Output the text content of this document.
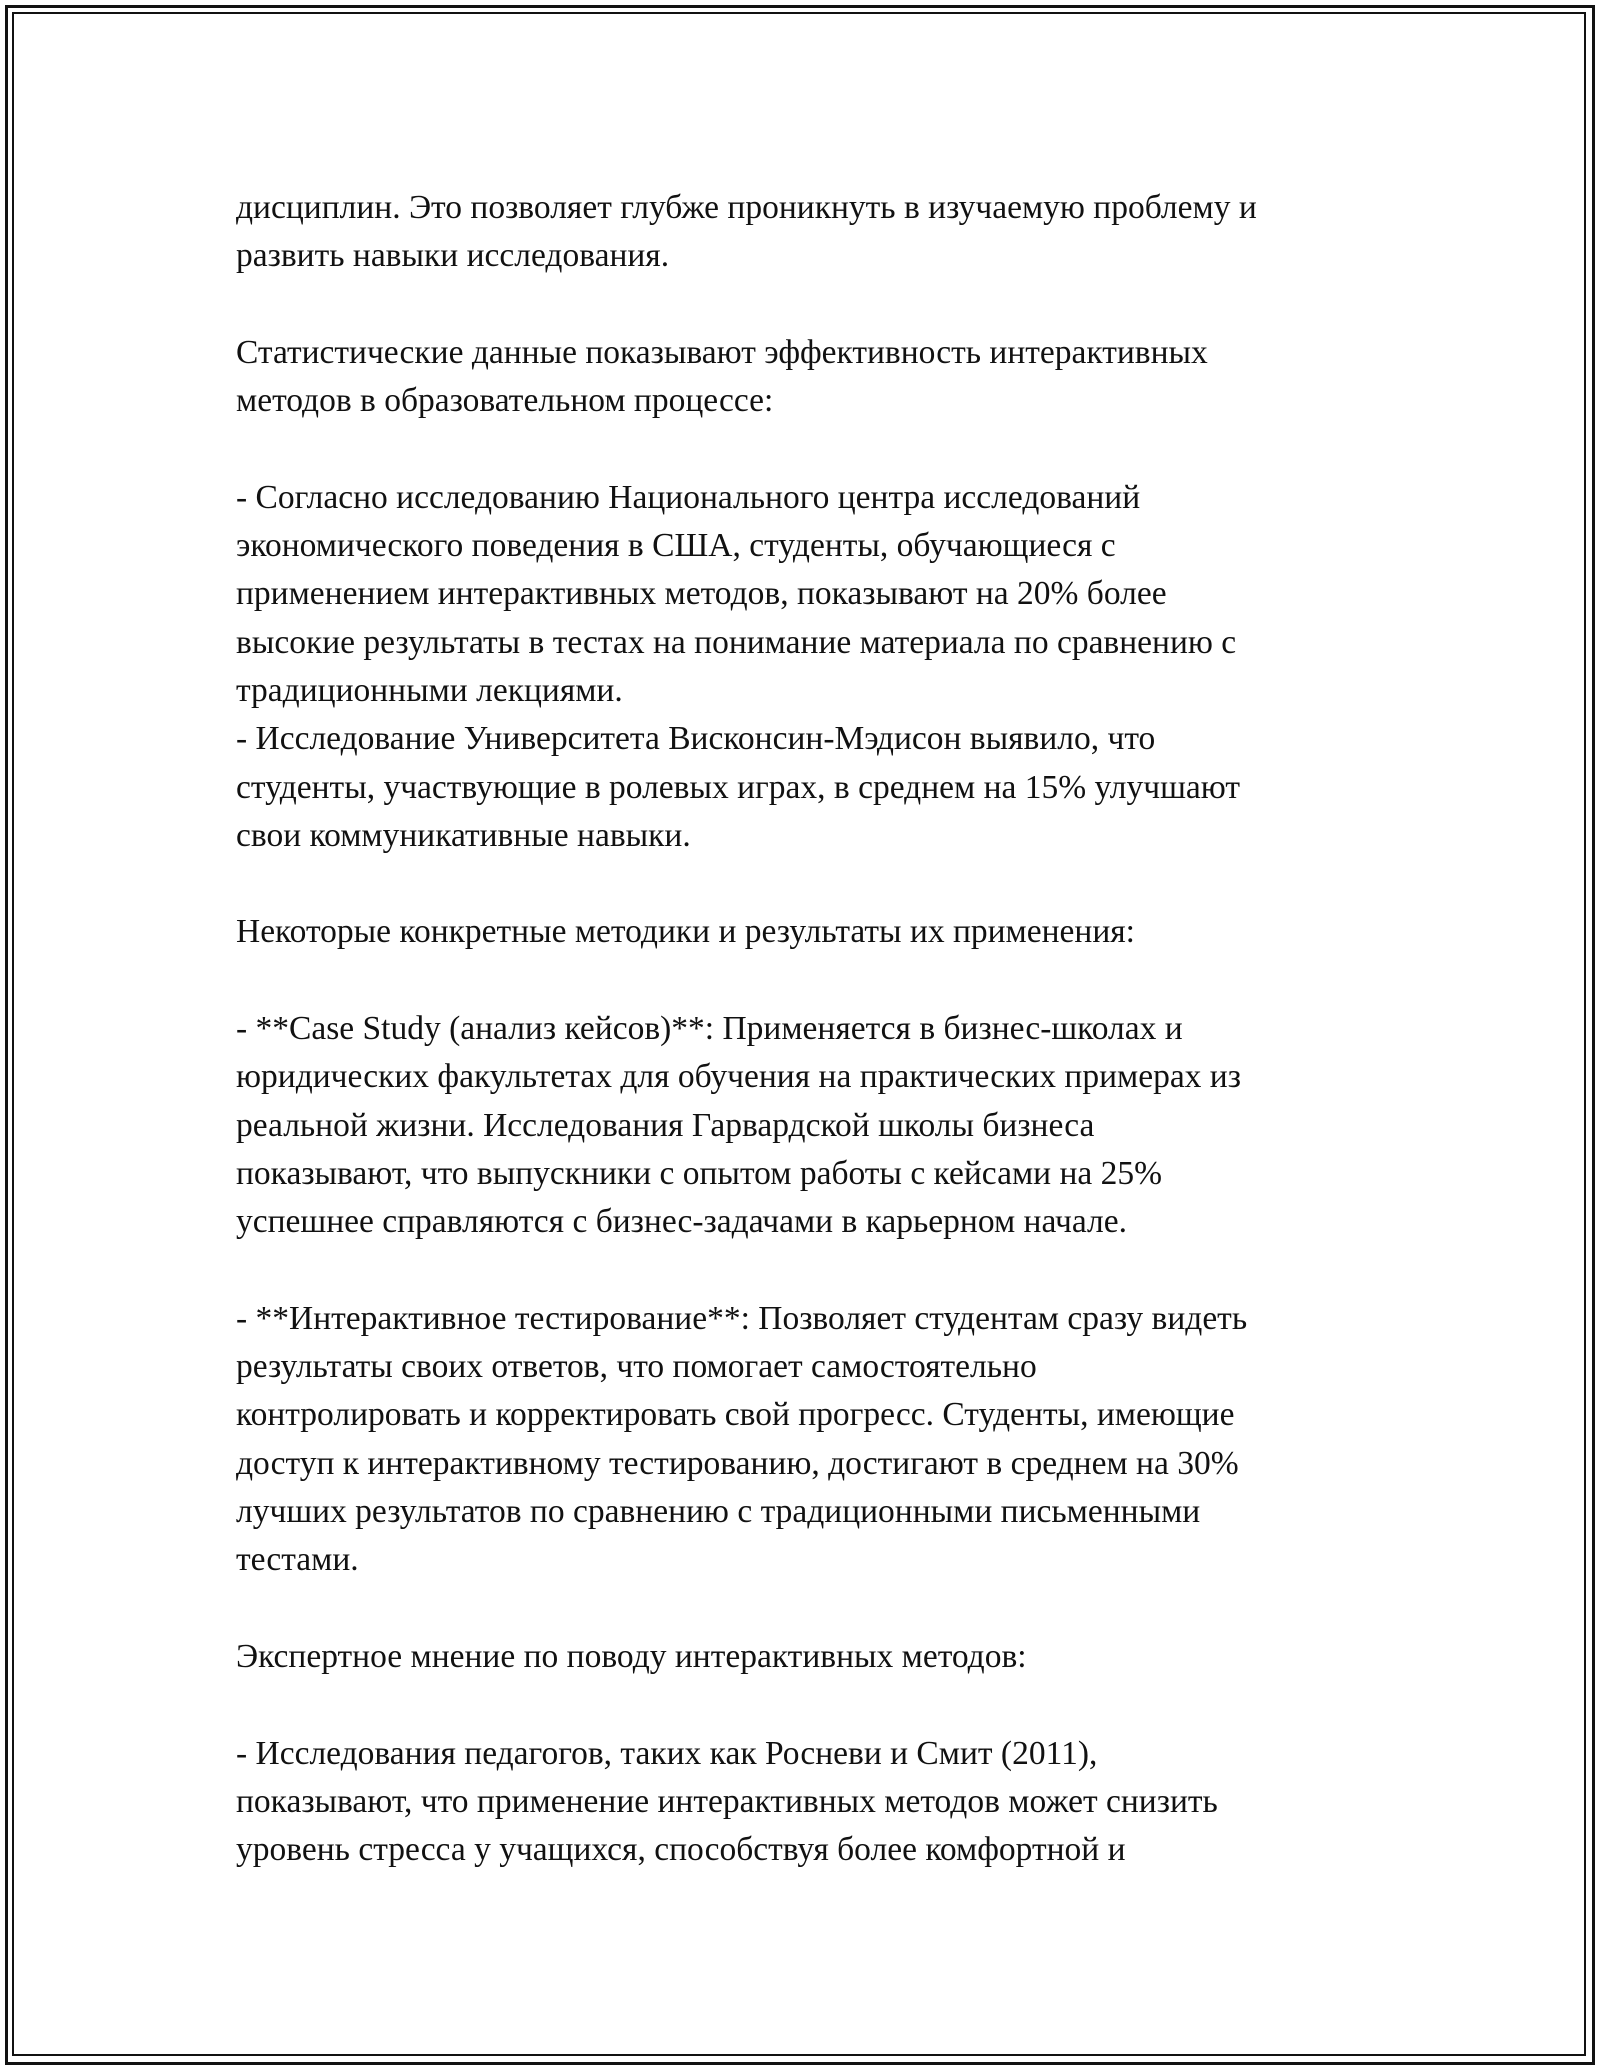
дисциплин. Это позволяет глубже проникнуть в изучаемую проблему и
развить навыки исследования.
Статистические данные показывают эффективность интерактивных
методов в образовательном процессе:
- Согласно исследованию Национального центра исследований
экономического поведения в США, студенты, обучающиеся с
применением интерактивных методов, показывают на 20% более
высокие результаты в тестах на понимание материала по сравнению с
традиционными лекциями.
- Исследование Университета Висконсин-Мэдисон выявило, что
студенты, участвующие в ролевых играх, в среднем на 15% улучшают
свои коммуникативные навыки.
Некоторые конкретные методики и результаты их применения:
- **Case Study (анализ кейсов)**: Применяется в бизнес-школах и
юридических факультетах для обучения на практических примерах из
реальной жизни. Исследования Гарвардской школы бизнеса
показывают, что выпускники с опытом работы с кейсами на 25%
успешнее справляются с бизнес-задачами в карьерном начале.
- **Интерактивное тестирование**: Позволяет студентам сразу видеть
результаты своих ответов, что помогает самостоятельно
контролировать и корректировать свой прогресс. Студенты, имеющие
доступ к интерактивному тестированию, достигают в среднем на 30%
лучших результатов по сравнению с традиционными письменными
тестами.
Экспертное мнение по поводу интерактивных методов:
- Исследования педагогов, таких как Росневи и Смит (2011),
показывают, что применение интерактивных методов может снизить
уровень стресса у учащихся, способствуя более комфортной и
